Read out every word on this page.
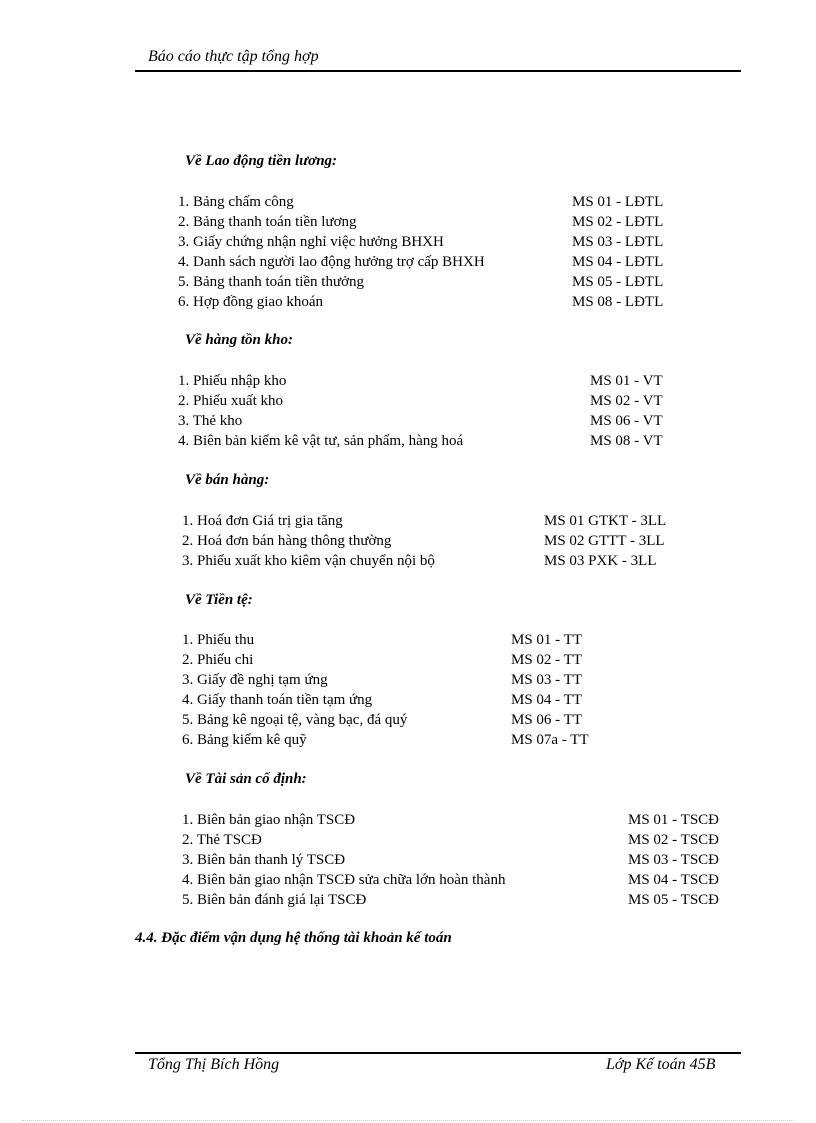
Báo cáo thực tập tổng hợp
Về Lao động tiền lương:
1. Bảng chấm công	MS 01 - LĐTL
2. Bảng thanh toán tiền lương	MS 02 - LĐTL
3. Giấy chứng nhận nghỉ việc hưởng BHXH	MS 03 - LĐTL
4. Danh sách người lao động hưởng trợ cấp BHXH	MS 04 - LĐTL
5. Bảng thanh toán tiền thưởng	MS 05 - LĐTL
6. Hợp đồng giao khoán	MS 08 - LĐTL
Về hàng tồn kho:
1. Phiếu nhập kho	MS 01 - VT
2. Phiếu xuất kho	MS 02 - VT
3. Thẻ kho	MS 06 - VT
4. Biên bản kiểm kê vật tư, sản phẩm, hàng hoá	MS 08 - VT
Về bán hàng:
1. Hoá đơn Giá trị gia tăng	MS 01 GTKT - 3LL
2. Hoá đơn bán hàng thông thường	MS 02 GTTT - 3LL
3. Phiếu xuất kho kiêm vận chuyển nội bộ	MS 03 PXK - 3LL
Về Tiền tệ:
1. Phiếu thu	MS 01 - TT
2. Phiếu chi	MS 02 - TT
3. Giấy đề nghị tạm ứng	MS 03 - TT
4. Giấy thanh toán tiền tạm ứng	MS 04 - TT
5. Bảng kê ngoại tệ, vàng bạc, đá quý	MS 06 - TT
6. Bảng kiểm kê quỹ	MS 07a - TT
Về Tài sản cố định:
1. Biên bản giao nhận TSCĐ	MS 01 - TSCĐ
2. Thẻ TSCĐ	MS 02 - TSCĐ
3. Biên bản thanh lý TSCĐ	MS 03 - TSCĐ
4. Biên bản giao nhận TSCĐ sửa chữa lớn hoàn thành	MS 04 - TSCĐ
5. Biên bản đánh giá lại TSCĐ	MS 05 - TSCĐ
4.4. Đặc điểm vận dụng hệ thống tài khoản kế toán
Tổng Thị Bích Hồng	Lớp Kế toán 45B
